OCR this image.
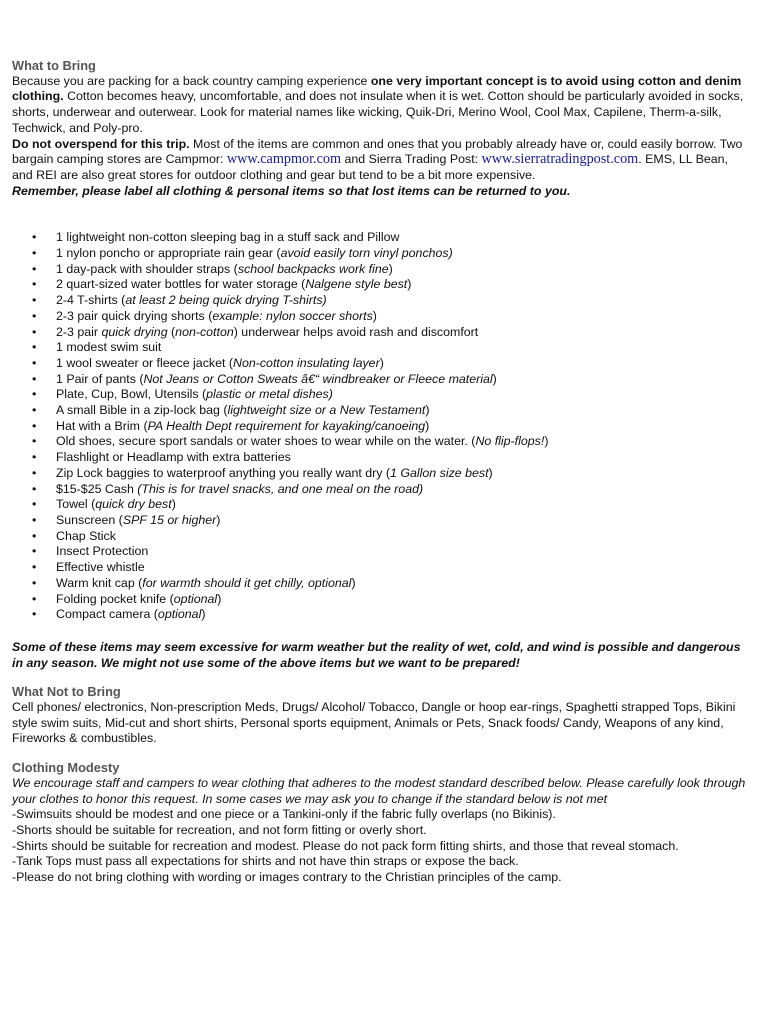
What to Bring

Because you are packing for a back country camping experience one very important concept is to avoid using cotton and denim clothing. Cotton becomes heavy, uncomfortable, and does not insulate when it is wet. Cotton should be particularly avoided in socks, shorts, underwear and outerwear. Look for material names like wicking, Quik-Dri, Merino Wool, Cool Max, Capilene, Therm-a-silk, Techwick, and Poly-pro.

Do not overspend for this trip. Most of the items are common and ones that you probably already have or, could easily borrow. Two bargain camping stores are Campmor: www.campmor.com and Sierra Trading Post: www.sierratradingpost.com. EMS, LL Bean, and REI are also great stores for outdoor clothing and gear but tend to be a bit more expensive.

Remember, please label all clothing & personal items so that lost items can be returned to you.

• 1 lightweight non-cotton sleeping bag in a stuff sack and Pillow
• 1 nylon poncho or appropriate rain gear (avoid easily torn vinyl ponchos)
• 1 day-pack with shoulder straps (school backpacks work fine)
• 2 quart-sized water bottles for water storage (Nalgene style best)
• 2-4 T-shirts (at least 2 being quick drying T-shirts)
• 2-3 pair quick drying shorts (example: nylon soccer shorts)
• 2-3 pair quick drying (non-cotton) underwear helps avoid rash and discomfort
• 1 modest swim suit
• 1 wool sweater or fleece jacket (Non-cotton insulating layer)
• 1 Pair of pants (Not Jeans or Cotton Sweats â€“ windbreaker or Fleece material)
• Plate, Cup, Bowl, Utensils (plastic or metal dishes)
• A small Bible in a zip-lock bag (lightweight size or a New Testament)
• Hat with a Brim (PA Health Dept requirement for kayaking/canoeing)
• Old shoes, secure sport sandals or water shoes to wear while on the water. (No flip-flops!)
• Flashlight or Headlamp with extra batteries
• Zip Lock baggies to waterproof anything you really want dry (1 Gallon size best)
• $15-$25 Cash (This is for travel snacks, and one meal on the road)
• Towel (quick dry best)
• Sunscreen (SPF 15 or higher)
• Chap Stick
• Insect Protection
• Effective whistle
• Warm knit cap (for warmth should it get chilly, optional)
• Folding pocket knife (optional)
• Compact camera (optional)

Some of these items may seem excessive for warm weather but the reality of wet, cold, and wind is possible and dangerous in any season. We might not use some of the above items but we want to be prepared!

What Not to Bring

Cell phones/ electronics, Non-prescription Meds, Drugs/ Alcohol/ Tobacco, Dangle or hoop ear-rings, Spaghetti strapped Tops, Bikini style swim suits, Mid-cut and short shirts, Personal sports equipment, Animals or Pets, Snack foods/ Candy, Weapons of any kind, Fireworks & combustibles.

Clothing Modesty

We encourage staff and campers to wear clothing that adheres to the modest standard described below. Please carefully look through your clothes to honor this request. In some cases we may ask you to change if the standard below is not met

-Swimsuits should be modest and one piece or a Tankini-only if the fabric fully overlaps (no Bikinis).
-Shorts should be suitable for recreation, and not form fitting or overly short.
-Shirts should be suitable for recreation and modest. Please do not pack form fitting shirts, and those that reveal stomach.
-Tank Tops must pass all expectations for shirts and not have thin straps or expose the back.
-Please do not bring clothing with wording or images contrary to the Christian principles of the camp.
